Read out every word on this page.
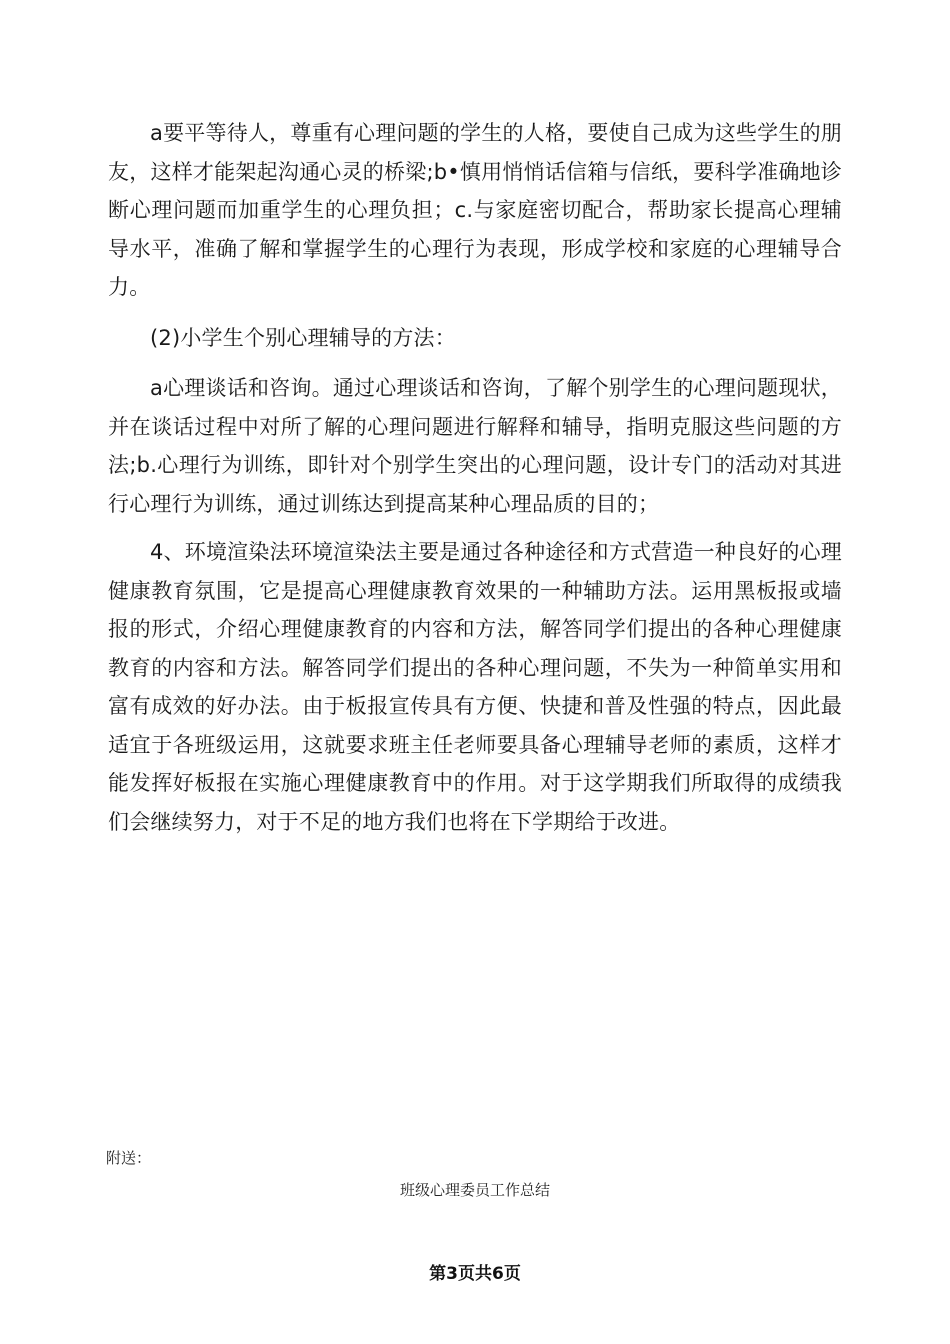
a要平等待人，尊重有心理问题的学生的人格，要使自己成为这些学生的朋友，这样才能架起沟通心灵的桥梁;b•慎用悄悄话信箱与信纸，要科学准确地诊断心理问题而加重学生的心理负担；c.与家庭密切配合，帮助家长提高心理辅导水平，准确了解和掌握学生的心理行为表现，形成学校和家庭的心理辅导合力。

(2)小学生个别心理辅导的方法：

a心理谈话和咨询。通过心理谈话和咨询，了解个别学生的心理问题现状，并在谈话过程中对所了解的心理问题进行解释和辅导，指明克服这些问题的方法;b.心理行为训练，即针对个别学生突出的心理问题，设计专门的活动对其进行心理行为训练，通过训练达到提高某种心理品质的目的；

4、环境渲染法环境渲染法主要是通过各种途径和方式营造一种良好的心理健康教育氛围，它是提高心理健康教育效果的一种辅助方法。运用黑板报或墙报的形式，介绍心理健康教育的内容和方法，解答同学们提出的各种心理健康教育的内容和方法。解答同学们提出的各种心理问题，不失为一种简单实用和富有成效的好办法。由于板报宣传具有方便、快捷和普及性强的特点，因此最适宜于各班级运用，这就要求班主任老师要具备心理辅导老师的素质，这样才能发挥好板报在实施心理健康教育中的作用。对于这学期我们所取得的成绩我们会继续努力，对于不足的地方我们也将在下学期给于改进。

附送：
班级心理委员工作总结
第3页共6页
